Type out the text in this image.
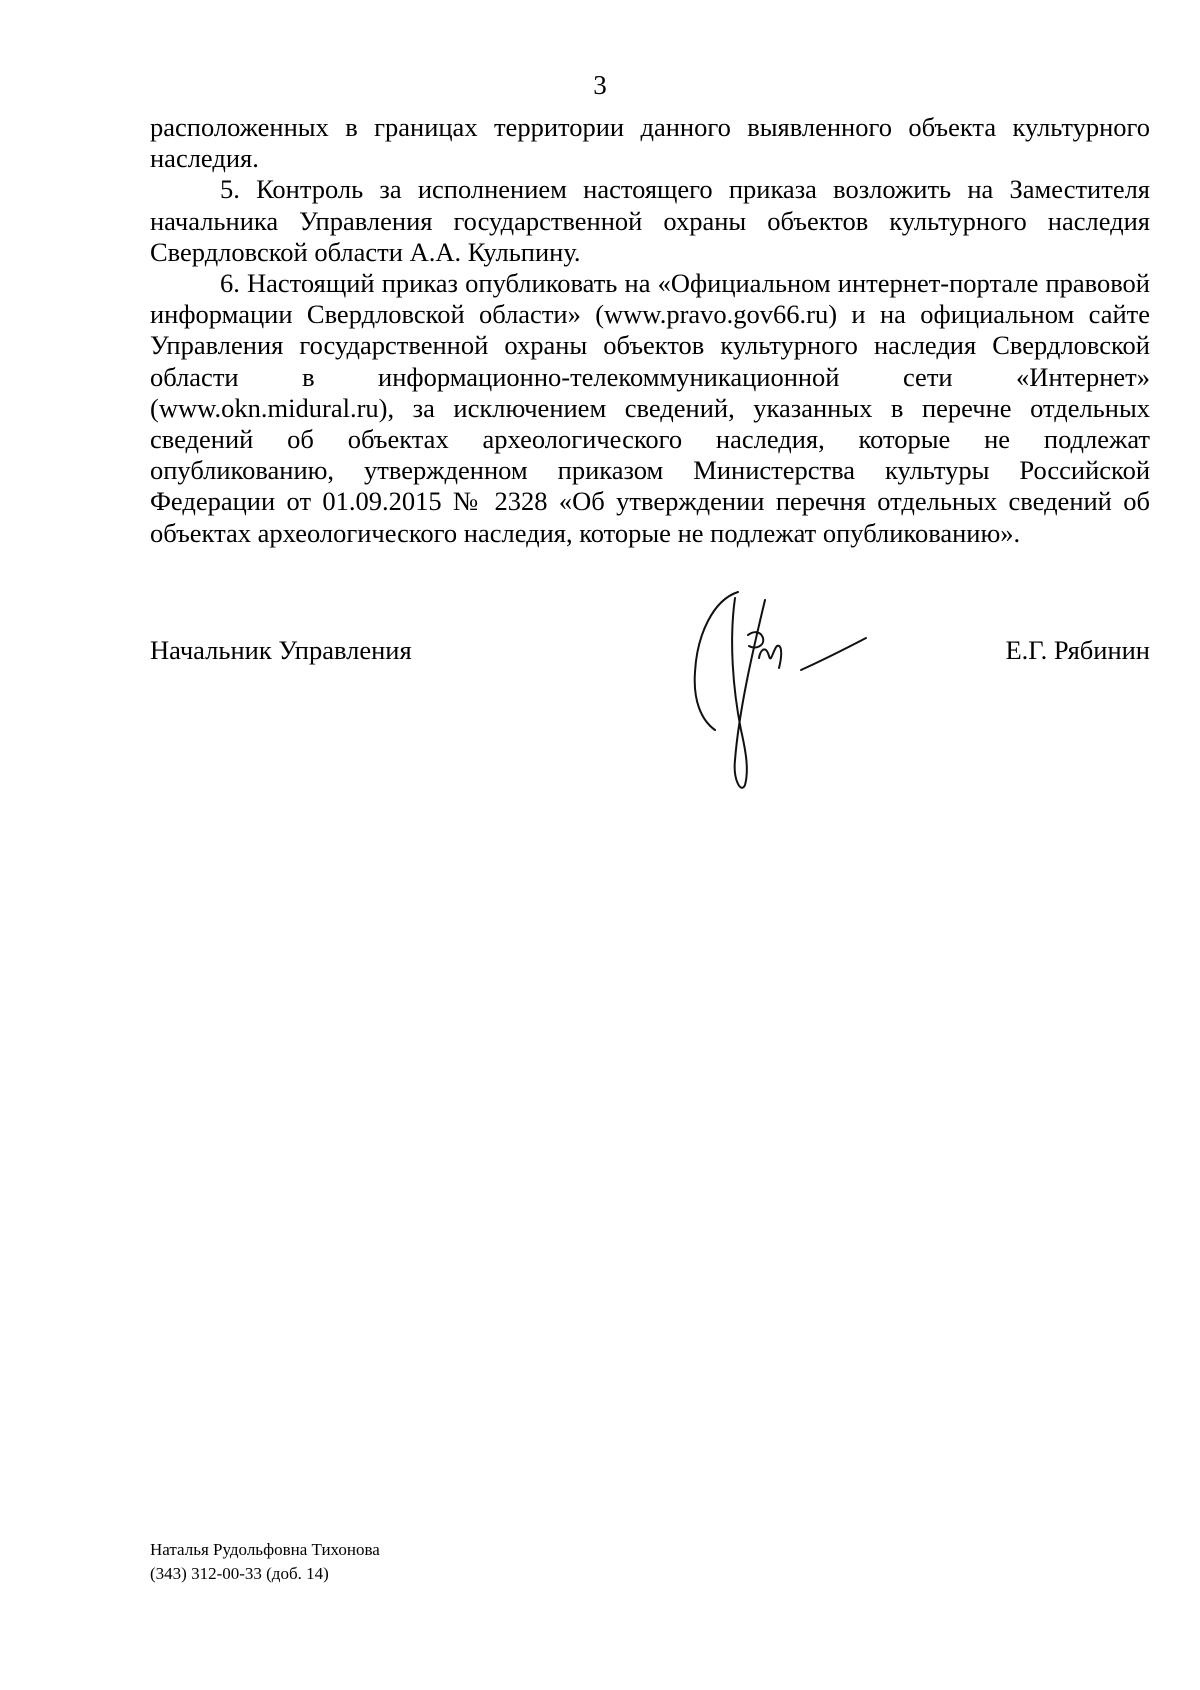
3

расположенных в границах территории данного выявленного объекта культурного наследия.

5. Контроль за исполнением настоящего приказа возложить на Заместителя начальника Управления государственной охраны объектов культурного наследия Свердловской области А.А. Кульпину.

6. Настоящий приказ опубликовать на «Официальном интернет-портале правовой информации Свердловской области» (www.pravo.gov66.ru) и на официальном сайте Управления государственной охраны объектов культурного наследия Свердловской области в информационно-телекоммуникационной сети «Интернет» (www.okn.midural.ru), за исключением сведений, указанных в перечне отдельных сведений об объектах археологического наследия, которые не подлежат опубликованию, утвержденном приказом Министерства культуры Российской Федерации от 01.09.2015 № 2328 «Об утверждении перечня отдельных сведений об объектах археологического наследия, которые не подлежат опубликованию».

Начальник Управления	Е.Г. Рябинин
Наталья Рудольфовна Тихонова
(343) 312-00-33 (доб. 14)
